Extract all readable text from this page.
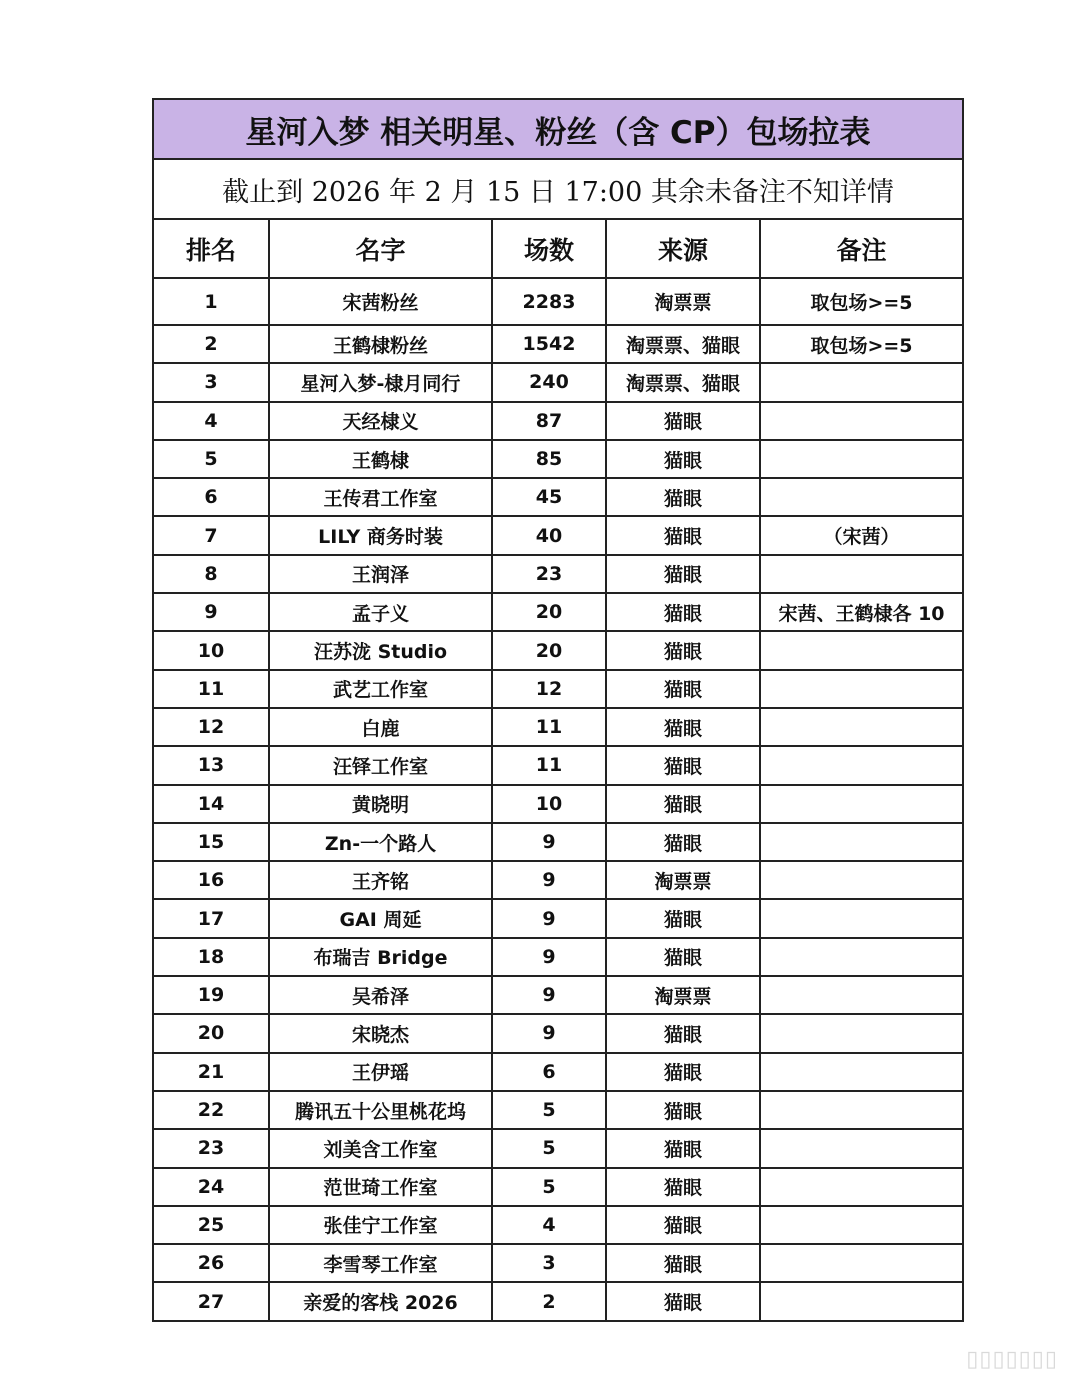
星河入梦 相关明星、粉丝（含 CP）包场拉表
截止到 2026 年 2 月 15 日 17:00 其余未备注不知详情
排名	名字	场数	来源	备注
1	宋茜粉丝	2283	淘票票	取包场>=5
2	王鹤棣粉丝	1542	淘票票、猫眼	取包场>=5
3	星河入梦-棣月同行	240	淘票票、猫眼	
4	天经棣义	87	猫眼	
5	王鹤棣	85	猫眼	
6	王传君工作室	45	猫眼	
7	LILY 商务时装	40	猫眼	（宋茜）
8	王润泽	23	猫眼	
9	孟子义	20	猫眼	宋茜、王鹤棣各 10
10	汪苏泷 Studio	20	猫眼	
11	武艺工作室	12	猫眼	
12	白鹿	11	猫眼	
13	汪铎工作室	11	猫眼	
14	黄晓明	10	猫眼	
15	Zn-一个路人	9	猫眼	
16	王齐铭	9	淘票票	
17	GAI 周延	9	猫眼	
18	布瑞吉 Bridge	9	猫眼	
19	吴希泽	9	淘票票	
20	宋晓杰	9	猫眼	
21	王伊瑶	6	猫眼	
22	腾讯五十公里桃花坞	5	猫眼	
23	刘美含工作室	5	猫眼	
24	范世琦工作室	5	猫眼	
25	张佳宁工作室	4	猫眼	
26	李雪琴工作室	3	猫眼	
27	亲爱的客栈 2026	2	猫眼	
▯▯▯▯▯▯▯
